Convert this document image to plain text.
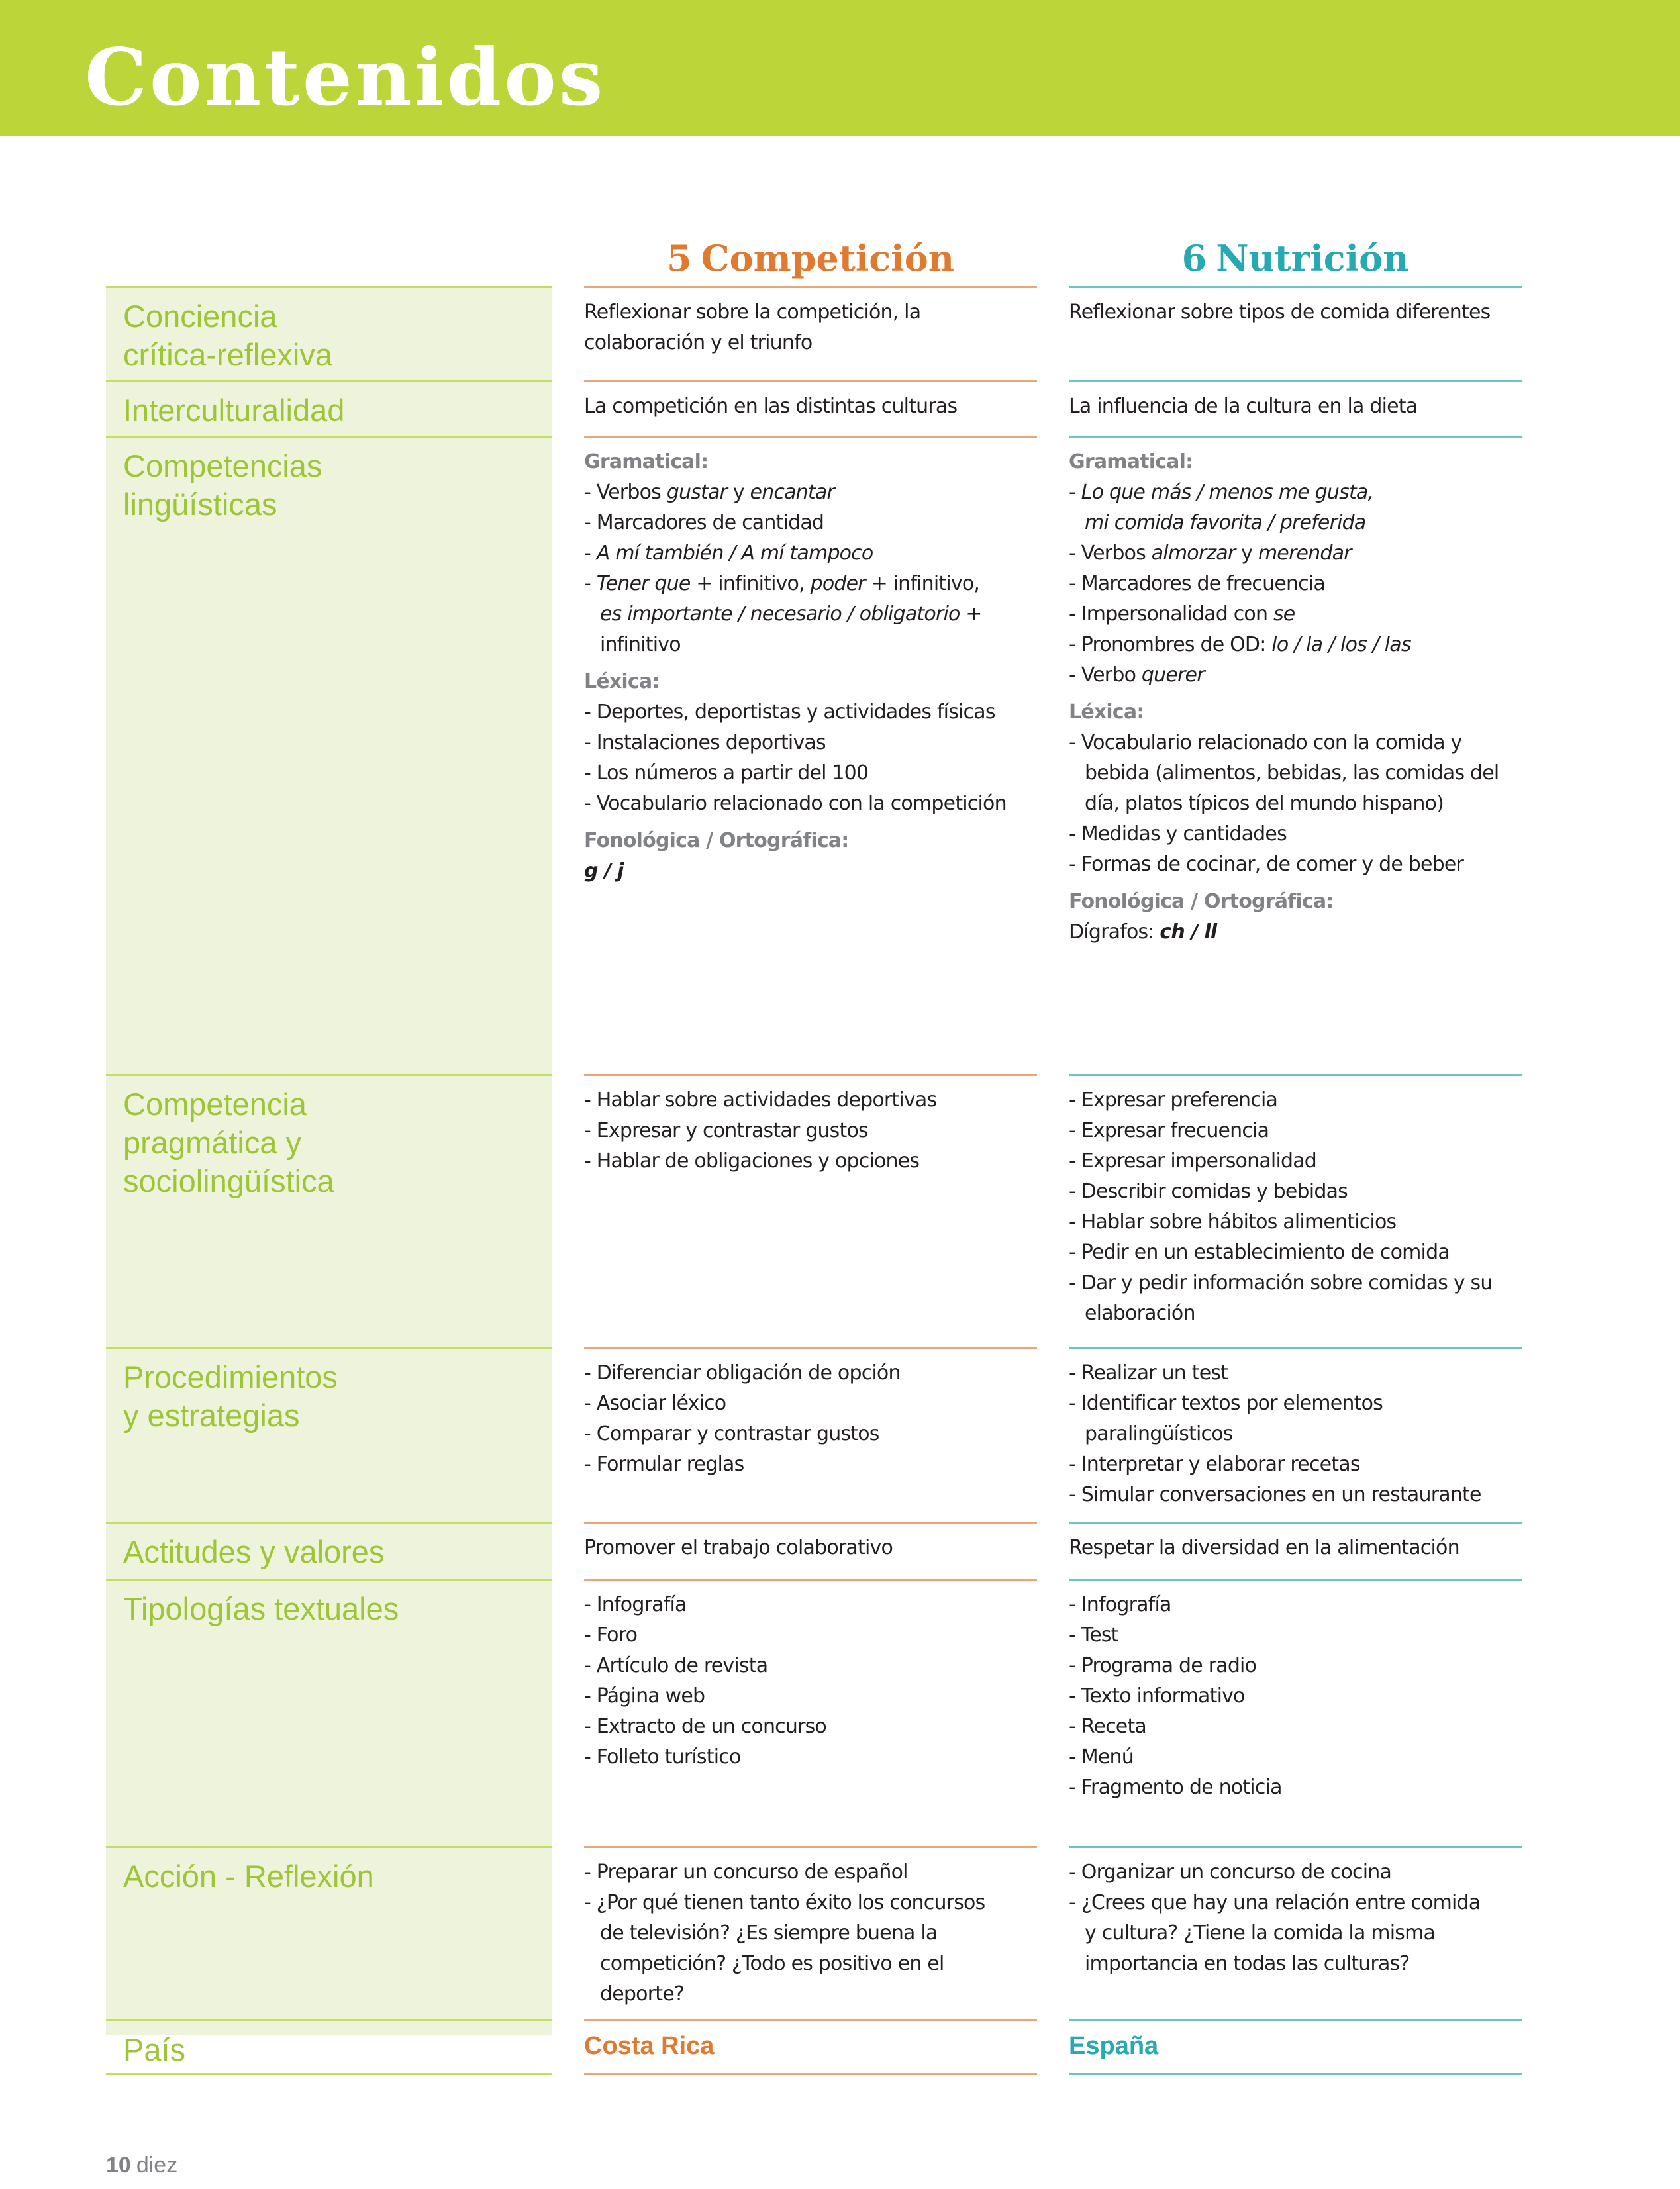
Contenidos
5 Competición	6 Nutrición
Conciencia
crítica-reflexiva
Interculturalidad
Competencias
lingüísticas
Competencia
pragmática y
sociolingüística
Procedimientos
y estrategias
Actitudes y valores
Tipologías textuales
Acción - Reflexión
País
Reflexionar sobre la competición, la
colaboración y el triunfo
La competición en las distintas culturas
Gramatical:
- Verbos gustar y encantar
- Marcadores de cantidad
- A mí también / A mí tampoco
- Tener que + infinitivo, poder + infinitivo,
es importante / necesario / obligatorio +
infinitivo
Léxica:
- Deportes, deportistas y actividades físicas
- Instalaciones deportivas
- Los números a partir del 100
- Vocabulario relacionado con la competición
Fonológica / Ortográfica:
g / j
- Hablar sobre actividades deportivas
- Expresar y contrastar gustos
- Hablar de obligaciones y opciones
- Diferenciar obligación de opción
- Asociar léxico
- Comparar y contrastar gustos
- Formular reglas
Promover el trabajo colaborativo
- Infografía
- Foro
- Artículo de revista
- Página web
- Extracto de un concurso
- Folleto turístico
- Preparar un concurso de español
- ¿Por qué tienen tanto éxito los concursos
de televisión? ¿Es siempre buena la
competición? ¿Todo es positivo en el
deporte?
Costa Rica
Reflexionar sobre tipos de comida diferentes
La influencia de la cultura en la dieta
Gramatical:
- Lo que más / menos me gusta,
mi comida favorita / preferida
- Verbos almorzar y merendar
- Marcadores de frecuencia
- Impersonalidad con se
- Pronombres de OD: lo / la / los / las
- Verbo querer
Léxica:
- Vocabulario relacionado con la comida y
bebida (alimentos, bebidas, las comidas del
día, platos típicos del mundo hispano)
- Medidas y cantidades
- Formas de cocinar, de comer y de beber
Fonológica / Ortográfica:
Dígrafos: ch / ll
- Expresar preferencia
- Expresar frecuencia
- Expresar impersonalidad
- Describir comidas y bebidas
- Hablar sobre hábitos alimenticios
- Pedir en un establecimiento de comida
- Dar y pedir información sobre comidas y su
elaboración
- Realizar un test
- Identificar textos por elementos
paralingüísticos
- Interpretar y elaborar recetas
- Simular conversaciones en un restaurante
Respetar la diversidad en la alimentación
- Infografía
- Test
- Programa de radio
- Texto informativo
- Receta
- Menú
- Fragmento de noticia
- Organizar un concurso de cocina
- ¿Crees que hay una relación entre comida
y cultura? ¿Tiene la comida la misma
importancia en todas las culturas?
España
10 diez
